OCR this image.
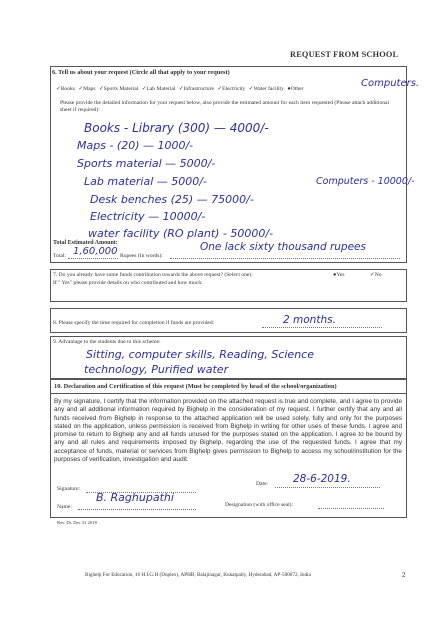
REQUEST FROM SCHOOL
6. Tell us about your request (Circle all that apply to your request)
✓Books ✓Maps ✓Sports Material ✓Lab Material ✓Infrastructure ✓Electricity ✓Water facility ●Other	Computers.
Please provide the detailed information for your request below, also provide the estimated amount for each item requested (Please attach additional sheet if required):
Books - Library (300) — 4000/-
Maps - (20) — 1000/-
Sports material — 5000/-
Lab material — 5000/-
Desk benches (25) — 75000/-
Electricity — 10000/-
water facility (RO plant) - 50000/-
Computers - 10000/-
Total Estimated Amount:
Total: 1,60,000 Rupees (In words):
One lack sixty thousand rupees
7. Do you already have some funds contribution towards the above request? (Select one):	●Yes	✓No
If " Yes" please provide details on who contributed and how much:
8. Please specify the time required for completion if funds are provided:	2 months.
9. Advantage to the students due to this scheme:
Sitting, computer skills, Reading, Science
technology, Purified water
10. Declaration and Certification of this request (Must be completed by head of the school/organization)
By my signature, I certify that the information provided on the attached request is true and complete, and I agree to provide any and all additional information required by Bighelp in the consideration of my request. I further certify that any and all funds received from Bighelp in response to the attached application will be used solely, fully and only for the purposes stated on the application, unless permission is received from Bighelp in writing for other uses of these funds. I agree and promise to return to Bighelp any and all funds unused for the purposes stated on the application. I agree to be bound by any and all rules and requirements imposed by Bighelp, regarding the use of the requested funds. I agree that my acceptance of funds, material or services from Bighelp gives permission to Bighelp to access my school/institution for the purposes of verification, investigation and audit.
Signature:
Date: 28-6-2019.
Name:
B. Raghupathi
Designation (with office seal):
Rev. Dt. Dec 31 2018
Bighelp For Education, 16 H.I.G.H (Duplex), APHB, Balajinagar, Kukatpally, Hyderabad, AP-500072, India	2
